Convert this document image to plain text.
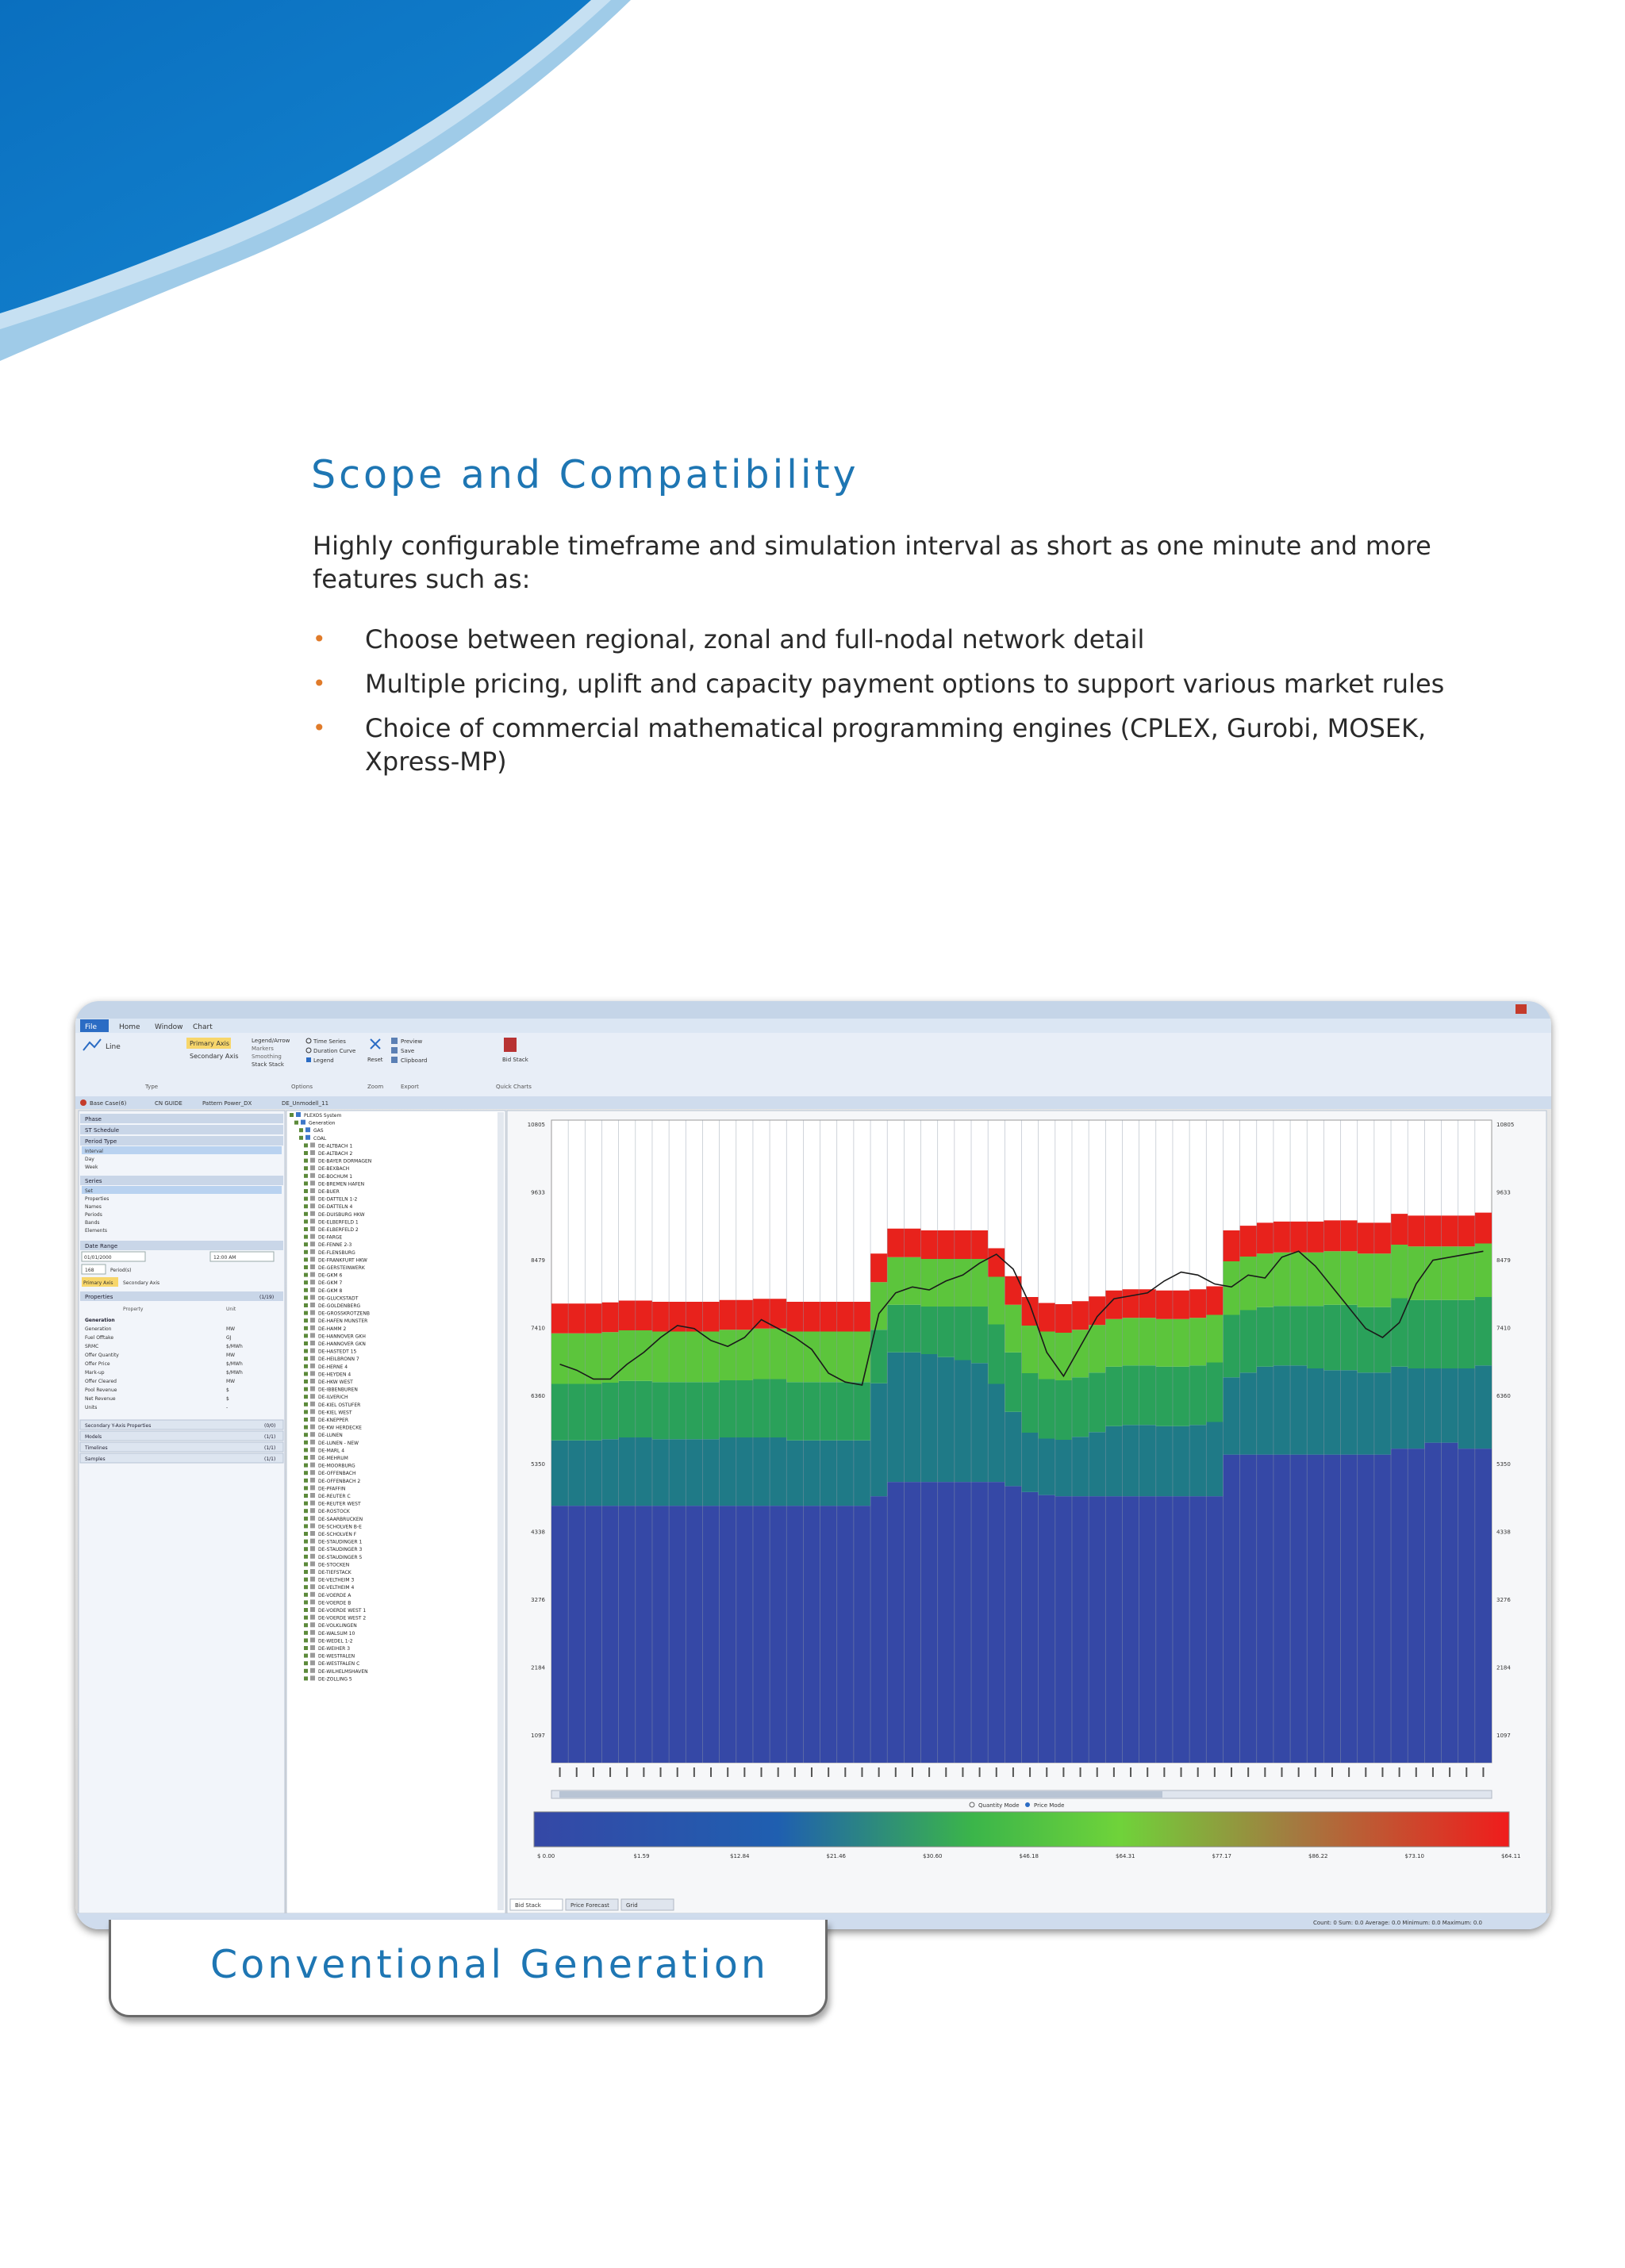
Scope and Compatibility

Highly configurable timeframe and simulation interval as short as one minute and more features such as:

• Choose between regional, zonal and full-nodal network detail
• Multiple pricing, uplift and capacity payment options to support various market rules
• Choice of commercial mathematical programming engines (CPLEX, Gurobi, MOSEK, Xpress-MP)
File	Home Window Chart
Line	Primary Axis
Secondary Axis
Legend/Arrow
Markers
Smoothing
Stack Stack
Time Series
Duration Curve
Legend	Reset
Preview
Save
Clipboard	Bid Stack
Type	Options	Zoom	Export	Quick Charts
Base Case(6)	CN GUIDE	Pattern Power_DX	DE_Unmodell_11
Phase
ST Schedule
Period Type
Interval
Day
Week
Series
Set
Properties
Names
Periods
Bands
Elements
Date Range
01/01/2000	12:00 AM
168	Period(s)
Primary Axis Secondary Axis
Properties	(1/19)
Property	Unit
Generation
Generation	MW
Fuel Offtake	GJ
SRMC	$/MWh
Offer Quantity	MW
Offer Price	$/MWh
Mark-up	$/MWh
Offer Cleared	MW
Pool Revenue	$
Net Revenue	$
Units	-
Secondary Y-Axis Properties	(0/0)
Models	(1/1)
Timelines	(1/1)
Samples	(1/1)
PLEXOS System
Generation
GAS
COAL
DE-ALTBACH 1
DE-ALTBACH 2
DE-BAYER DORMAGEN
DE-BEXBACH
DE-BOCHUM 1
DE-BREMEN HAFEN
DE-BUER
DE-DATTELN 1-2
DE-DATTELN 4
DE-DUISBURG HKW
DE-ELBERFELD 1
DE-ELBERFELD 2
DE-FARGE
DE-FENNE 2-3
DE-FLENSBURG
DE-FRANKFURT HKW
DE-GERSTEINWERK
DE-GKM 6
DE-GKM 7
DE-GKM 8
DE-GLUCKSTADT
DE-GOLDENBERG
DE-GROSSKROTZENB
DE-HAFEN MUNSTER
DE-HAMM 2
DE-HANNOVER GKH
DE-HANNOVER GKN
DE-HASTEDT 15
DE-HEILBRONN 7
DE-HERNE 4
DE-HEYDEN 4
DE-HKW WEST
DE-IBBENBUREN
DE-ILVERICH
DE-KIEL OSTUFER
DE-KIEL WEST
DE-KNEPPER
DE-KW HERDECKE
DE-LUNEN
DE-LUNEN - NEW
DE-MARL 4
DE-MEHRUM
DE-MOORBURG
DE-OFFENBACH
DE-OFFENBACH 2
DE-PFAFFIN
DE-REUTER C
DE-REUTER WEST
DE-ROSTOCK
DE-SAARBRUCKEN
DE-SCHOLVEN B-E
DE-SCHOLVEN F
DE-STAUDINGER 1
DE-STAUDINGER 3
DE-STAUDINGER 5
DE-STOCKEN
DE-TIEFSTACK
DE-VELTHEIM 3
DE-VELTHEIM 4
DE-VOERDE A
DE-VOERDE B
DE-VOERDE WEST 1
DE-VOERDE WEST 2
DE-VOLKLINGEN
DE-WALSUM 10
DE-WEDEL 1-2
DE-WEIHER 3
DE-WESTFALEN
DE-WESTFALEN C
DE-WILHELMSHAVEN
DE-ZOLLING 5
10805
9633
8479
7410
6360
5350
4338
3276
2184
1097
10805
9633
8479
7410
6360
5350
4338
3276
2184
1097
Quantity Mode	Price Mode
$ 0.00	$1.59	$12.84	$21.46	$30.60	$46.18	$64.31	$77.17	$86.22	$73.10	$64.11
Bid Stack	Price Forecast	Grid
Count: 0 Sum: 0.0 Average: 0.0 Minimum: 0.0 Maximum: 0.0
Conventional Generation
